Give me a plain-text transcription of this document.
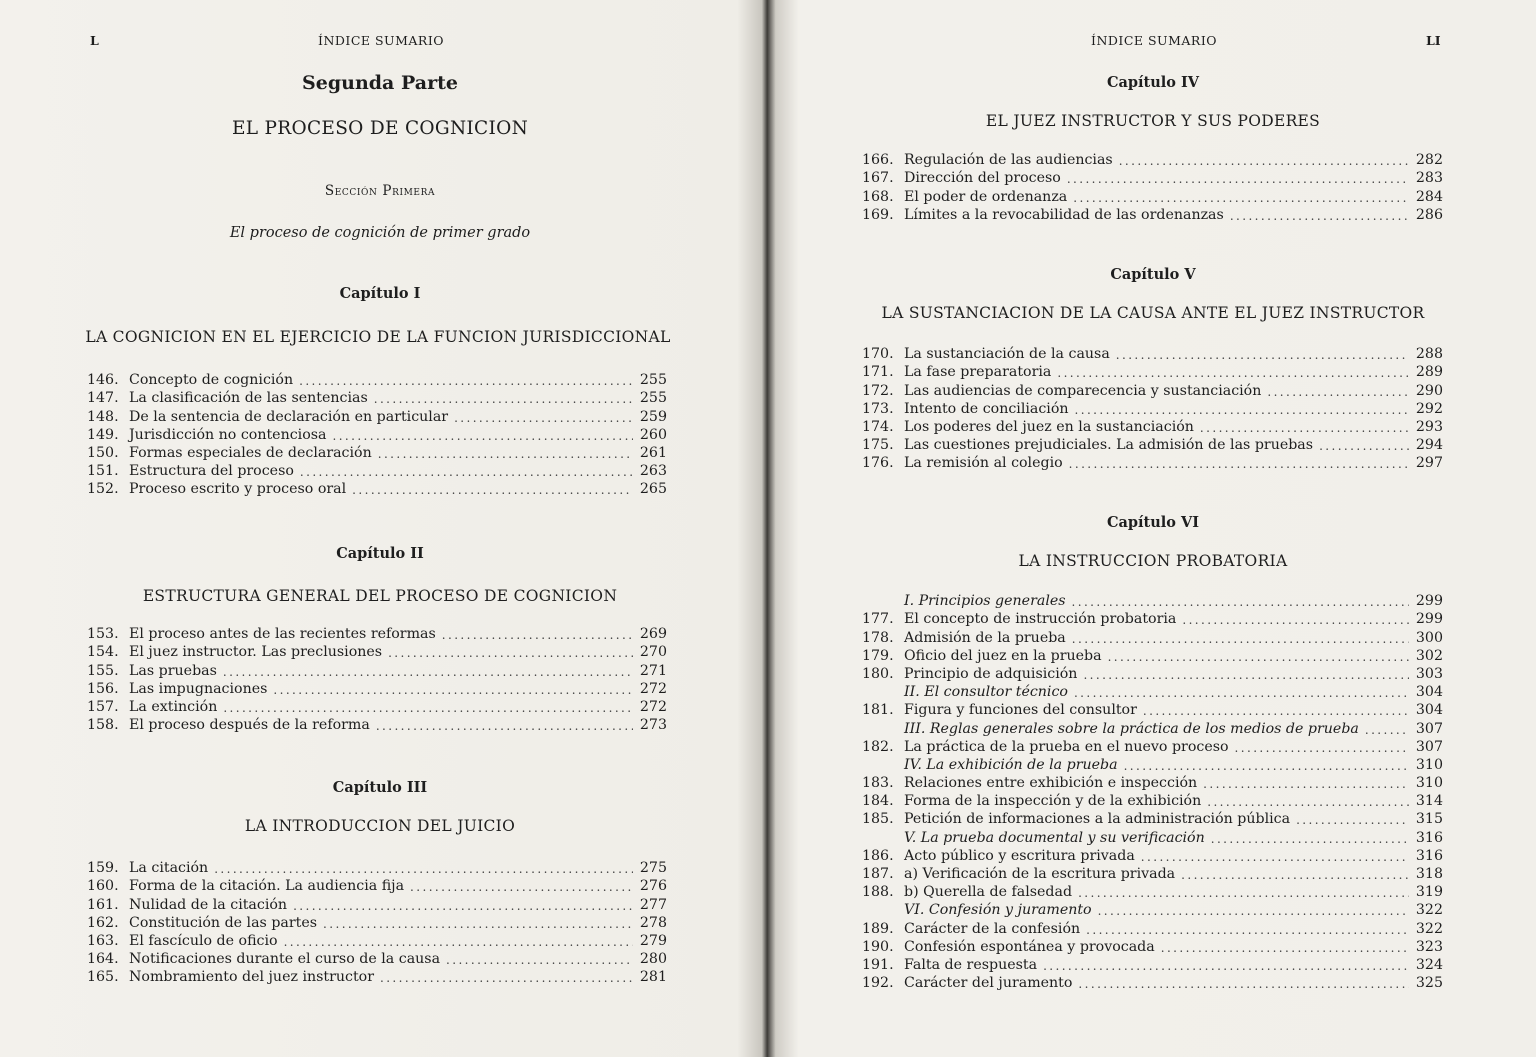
L	ÍNDICE SUMARIO
Segunda Parte
EL PROCESO DE COGNICION
Sección Primera
El proceso de cognición de primer grado
Capítulo I
LA COGNICION EN EL EJERCICIO DE LA FUNCION JURISDICCIONAL
146. Concepto de cognición .....	255
147. La clasificación de las sentencias .....	255
148. De la sentencia de declaración en particular .....	259
149. Jurisdicción no contenciosa .....	260
150. Formas especiales de declaración .....	261
151. Estructura del proceso .....	263
152. Proceso escrito y proceso oral .....	265
Capítulo II
ESTRUCTURA GENERAL DEL PROCESO DE COGNICION
153. El proceso antes de las recientes reformas .....	269
154. El juez instructor. Las preclusiones .....	270
155. Las pruebas .....	271
156. Las impugnaciones .....	272
157. La extinción .....	272
158. El proceso después de la reforma .....	273
Capítulo III
LA INTRODUCCION DEL JUICIO
159. La citación .....	275
160. Forma de la citación. La audiencia fija .....	276
161. Nulidad de la citación .....	277
162. Constitución de las partes .....	278
163. El fascículo de oficio .....	279
164. Notificaciones durante el curso de la causa .....	280
165. Nombramiento del juez instructor .....	281
ÍNDICE SUMARIO	LI
Capítulo IV
EL JUEZ INSTRUCTOR Y SUS PODERES
166. Regulación de las audiencias .....	282
167. Dirección del proceso .....	283
168. El poder de ordenanza .....	284
169. Límites a la revocabilidad de las ordenanzas .....	286
Capítulo V
LA SUSTANCIACION DE LA CAUSA ANTE EL JUEZ INSTRUCTOR
170. La sustanciación de la causa .....	288
171. La fase preparatoria .....	289
172. Las audiencias de comparecencia y sustanciación .....	290
173. Intento de conciliación .....	292
174. Los poderes del juez en la sustanciación .....	293
175. Las cuestiones prejudiciales. La admisión de las pruebas .....	294
176. La remisión al colegio .....	297
Capítulo VI
LA INSTRUCCION PROBATORIA
I. Principios generales .....	299
177. El concepto de instrucción probatoria .....	299
178. Admisión de la prueba .....	300
179. Oficio del juez en la prueba .....	302
180. Principio de adquisición .....	303
II. El consultor técnico .....	304
181. Figura y funciones del consultor .....	304
III. Reglas generales sobre la práctica de los medios de prueba .....	307
182. La práctica de la prueba en el nuevo proceso .....	307
IV. La exhibición de la prueba .....	310
183. Relaciones entre exhibición e inspección .....	310
184. Forma de la inspección y de la exhibición .....	314
185. Petición de informaciones a la administración pública .....	315
V. La prueba documental y su verificación .....	316
186. Acto público y escritura privada .....	316
187. a) Verificación de la escritura privada .....	318
188. b) Querella de falsedad .....	319
VI. Confesión y juramento .....	322
189. Carácter de la confesión .....	322
190. Confesión espontánea y provocada .....	323
191. Falta de respuesta .....	324
192. Carácter del juramento .....	325
